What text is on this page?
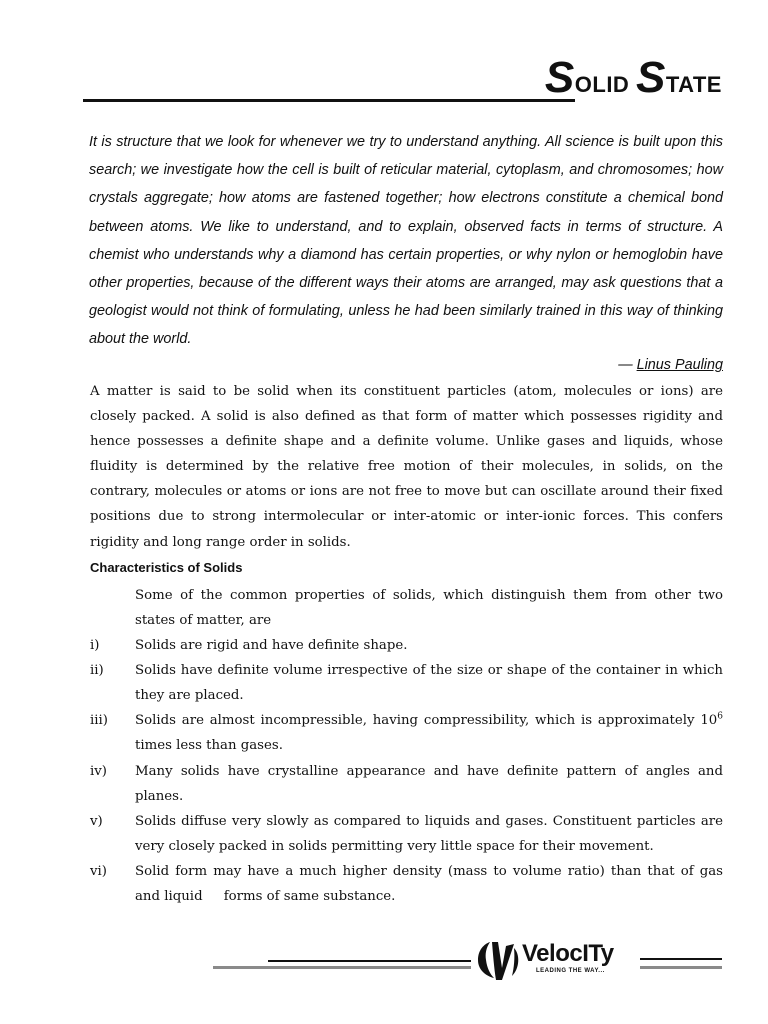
SOLID STATE

It is structure that we look for whenever we try to understand anything. All science is built upon this search; we investigate how the cell is built of reticular material, cytoplasm, and chromosomes; how crystals aggregate; how atoms are fastened together; how electrons constitute a chemical bond between atoms. We like to understand, and to explain, observed facts in terms of structure. A chemist who understands why a diamond has certain properties, or why nylon or hemoglobin have other properties, because of the different ways their atoms are arranged, may ask questions that a geologist would not think of formulating, unless he had been similarly trained in this way of thinking about the world.

— Linus Pauling

A matter is said to be solid when its constituent particles (atom, molecules or ions) are closely packed. A solid is also defined as that form of matter which possesses rigidity and hence possesses a definite shape and a definite volume. Unlike gases and liquids, whose fluidity is determined by the relative free motion of their molecules, in solids, on the contrary, molecules or atoms or ions are not free to move but can oscillate around their fixed positions due to strong intermolecular or inter-atomic or inter-ionic forces. This confers rigidity and long range order in solids.

Characteristics of Solids

Some of the common properties of solids, which distinguish them from other two states of matter, are

i)	Solids are rigid and have definite shape.
ii)	Solids have definite volume irrespective of the size or shape of the container in which they are placed.
iii)	Solids are almost incompressible, having compressibility, which is approximately $10^6$ times less than gases.
iv)	Many solids have crystalline appearance and have definite pattern of angles and planes.
v)	Solids diffuse very slowly as compared to liquids and gases. Constituent particles are very closely packed in solids permitting very little space for their movement.
vi)	Solid form may have a much higher density (mass to volume ratio) than that of gas and liquid     forms of same substance.
VelocITy
LEADING THE WAY...
